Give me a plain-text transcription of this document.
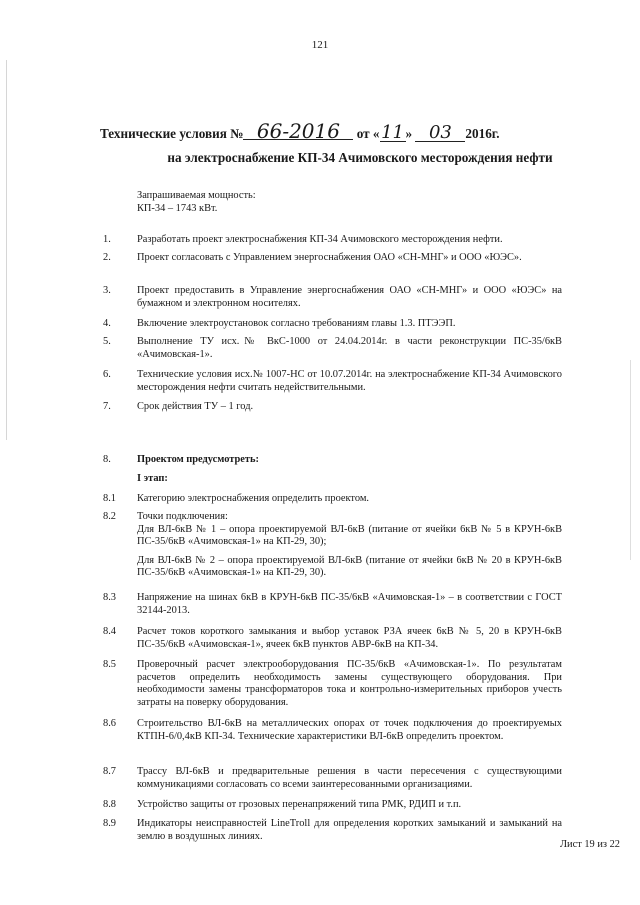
121
Технические условия № 66-2016 от «11 » 03 2016г.
на электроснабжение КП-34 Ачимовского месторождения нефти
Запрашиваемая мощность:
КП-34 – 1743 кВт.
1.	Разработать проект электроснабжения КП-34 Ачимовского месторождения нефти.
2.	Проект согласовать с Управлением энергоснабжения ОАО «СН-МНГ» и ООО «ЮЭС».
3.	Проект предоставить в Управление энергоснабжения ОАО «СН-МНГ» и ООО «ЮЭС» на бумажном и электронном носителях.
4.	Включение электроустановок согласно требованиям главы 1.3. ПТЭЭП.
5.	Выполнение ТУ исх.№ ВкС-1000 от 24.04.2014г. в части реконструкции ПС-35/6кВ «Ачимовская-1».
6.	Технические условия исх.№ 1007-НС от 10.07.2014г. на электроснабжение КП-34 Ачимовского месторождения нефти считать недействительными.
7.	Срок действия ТУ – 1 год.
8.	Проектом предусмотреть:
I этап:
8.1 Категорию электроснабжения определить проектом.
8.2 Точки подключения:

Для ВЛ-6кВ № 1 – опора проектируемой ВЛ-6кВ (питание от ячейки 6кВ № 5 в КРУН-6кВ ПС-35/6кВ «Ачимовская-1» на КП-29, 30);

Для ВЛ-6кВ № 2 – опора проектируемой ВЛ-6кВ (питание от ячейки 6кВ № 20 в КРУН-6кВ ПС-35/6кВ «Ачимовская-1» на КП-29, 30).

8.3 Напряжение на шинах 6кВ в КРУН-6кВ ПС-35/6кВ «Ачимовская-1» – в соответствии с ГОСТ 32144-2013.
8.4 Расчет токов короткого замыкания и выбор уставок РЗА ячеек 6кВ № 5, 20 в КРУН-6кВ ПС-35/6кВ «Ачимовская-1», ячеек 6кВ пунктов АВР-6кВ на КП-34.
8.5 Проверочный расчет электрооборудования ПС-35/6кВ «Ачимовская-1». По результатам расчетов определить необходимость замены существующего оборудования. При необходимости замены трансформаторов тока и контрольно-измерительных приборов учесть затраты на поверку оборудования.
8.6 Строительство ВЛ-6кВ на металлических опорах от точек подключения до проектируемых КТПН-6/0,4кВ КП-34. Технические характеристики ВЛ-6кВ определить проектом.
8.7 Трассу ВЛ-6кВ и предварительные решения в части пересечения с существующими коммуникациями согласовать со всеми заинтересованными организациями.
8.8 Устройство защиты от грозовых перенапряжений типа РМК, РДИП и т.п.
8.9 Индикаторы неисправностей LineTroll для определения коротких замыканий и замыканий на землю в воздушных линиях.
Лист 19 из 22
